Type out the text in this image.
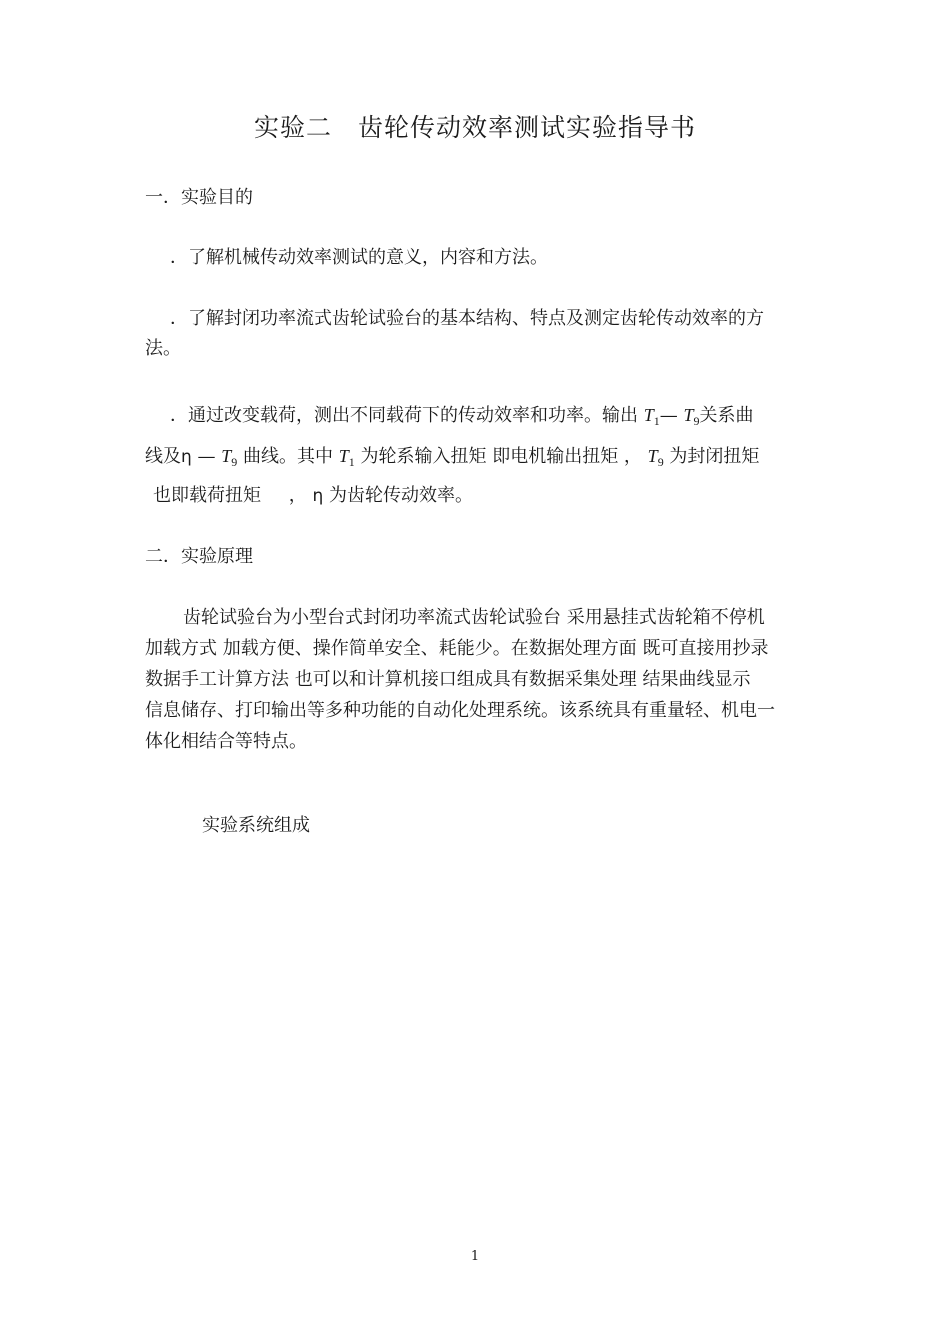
实验二 齿轮传动效率测试实验指导书
一．实验目的
．了解机械传动效率测试的意义，内容和方法。
．了解封闭功率流式齿轮试验台的基本结构、特点及测定齿轮传动效率的方
法。
．通过改变载荷，测出不同载荷下的传动效率和功率。输出 $T_1—$ $T_9$关系曲
线及η — $T_9$ 曲线。其中 $T_1$ 为轮系输入扭矩 即电机输出扭矩 ， $T_9$ 为封闭扭矩
也即载荷扭矩 ， η 为齿轮传动效率。
二．实验原理
齿轮试验台为小型台式封闭功率流式齿轮试验台 采用悬挂式齿轮箱不停机
加载方式 加载方便、操作简单安全、耗能少。在数据处理方面 既可直接用抄录
数据手工计算方法 也可以和计算机接口组成具有数据采集处理 结果曲线显示
信息储存、打印输出等多种功能的自动化处理系统。该系统具有重量轻、机电一
体化相结合等特点。
实验系统组成
1
